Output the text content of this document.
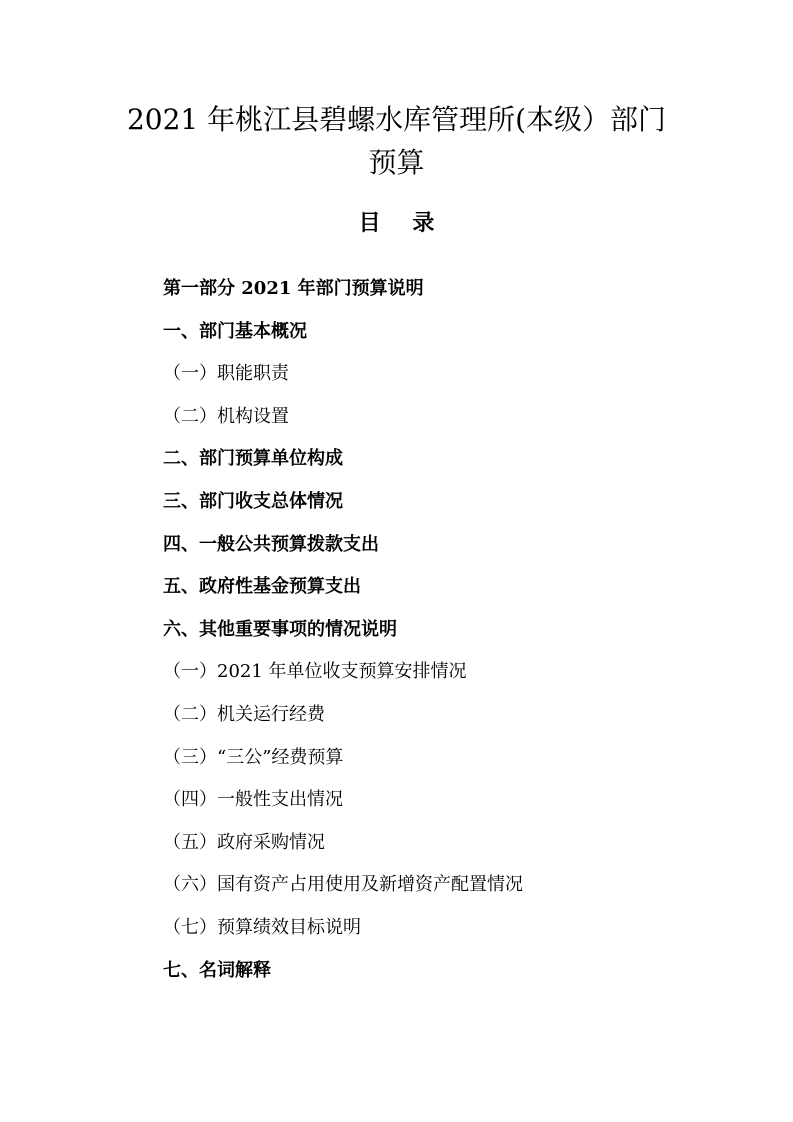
2021 年桃江县碧螺水库管理所(本级）部门
预算
目 录
第一部分 2021 年部门预算说明
一、部门基本概况
（一）职能职责
（二）机构设置
二、部门预算单位构成
三、部门收支总体情况
四、一般公共预算拨款支出
五、政府性基金预算支出
六、其他重要事项的情况说明
（一）2021 年单位收支预算安排情况
（二）机关运行经费
（三）“三公”经费预算
（四）一般性支出情况
（五）政府采购情况
（六）国有资产占用使用及新增资产配置情况
（七）预算绩效目标说明
七、名词解释
